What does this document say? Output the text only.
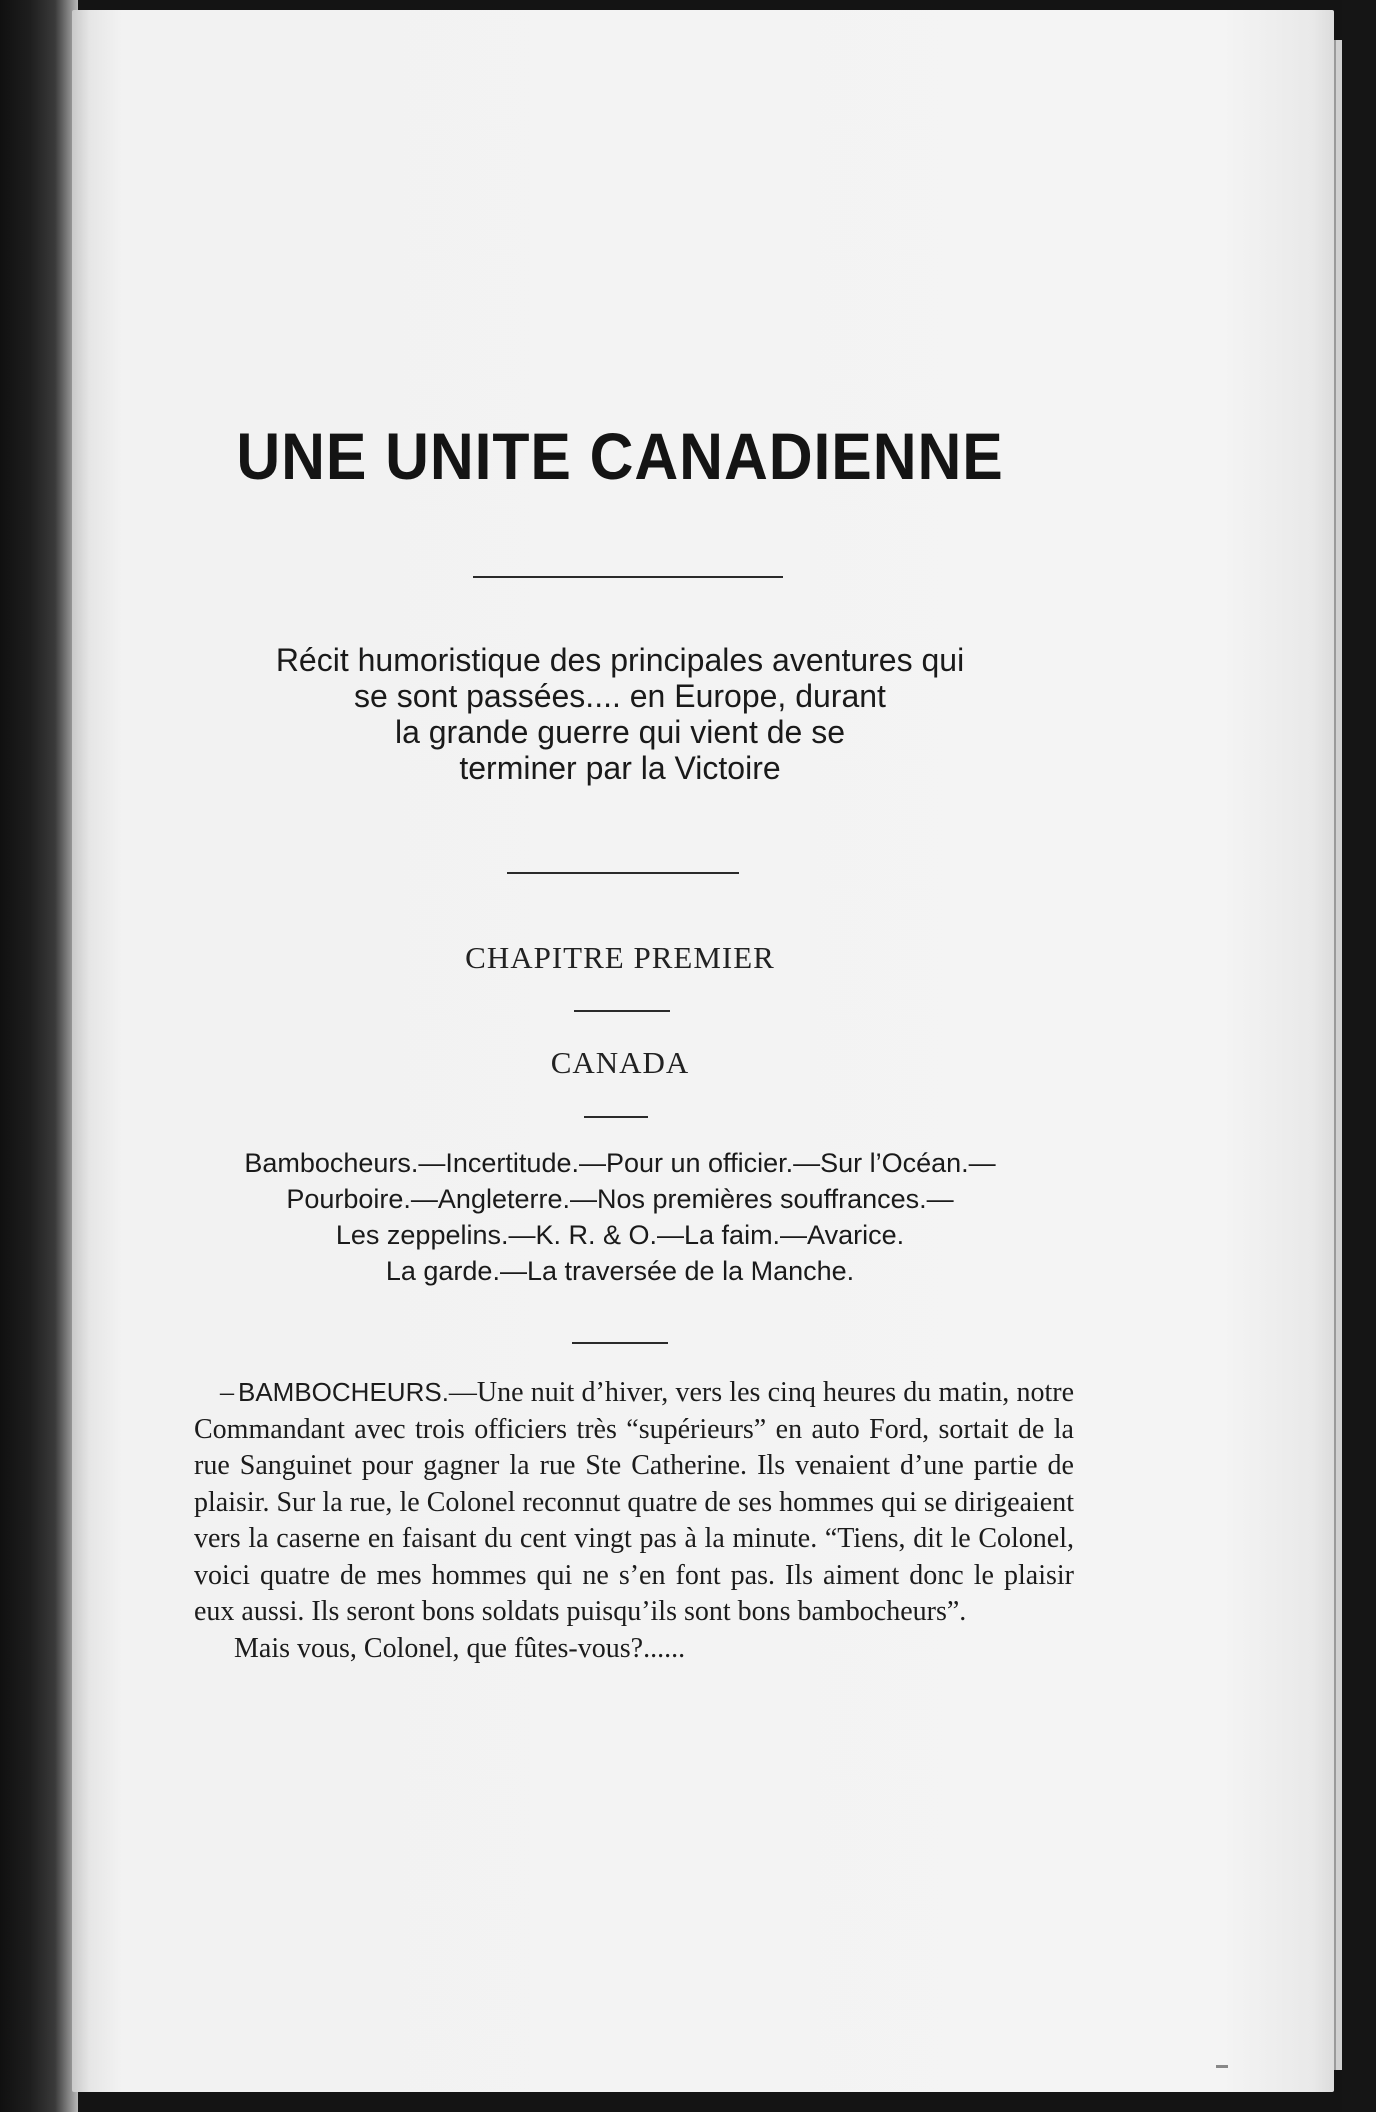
UNE UNITE CANADIENNE
Récit humoristique des principales aventures qui
se sont passées.... en Europe, durant
la grande guerre qui vient de se
terminer par la Victoire
CHAPITRE PREMIER
CANADA
Bambocheurs.—Incertitude.—Pour un officier.—Sur l’Océan.—
Pourboire.—Angleterre.—Nos premières souffrances.—
Les zeppelins.—K. R. & O.—La faim.—Avarice.
La garde.—La traversée de la Manche.

– BAMBOCHEURS.—Une nuit d’hiver, vers les cinq heures du matin, notre Commandant avec trois officiers très “supérieurs” en auto Ford, sortait de la rue Sanguinet pour gagner la rue Ste Catherine. Ils venaient d’une partie de plaisir. Sur la rue, le Colonel reconnut quatre de ses hommes qui se dirigeaient vers la caserne en faisant du cent vingt pas à la minute. “Tiens, dit le Colonel, voici quatre de mes hommes qui ne s’en font pas. Ils aiment donc le plaisir eux aussi. Ils seront bons soldats puisqu’ils sont bons bambocheurs”.

Mais vous, Colonel, que fûtes-vous?......
